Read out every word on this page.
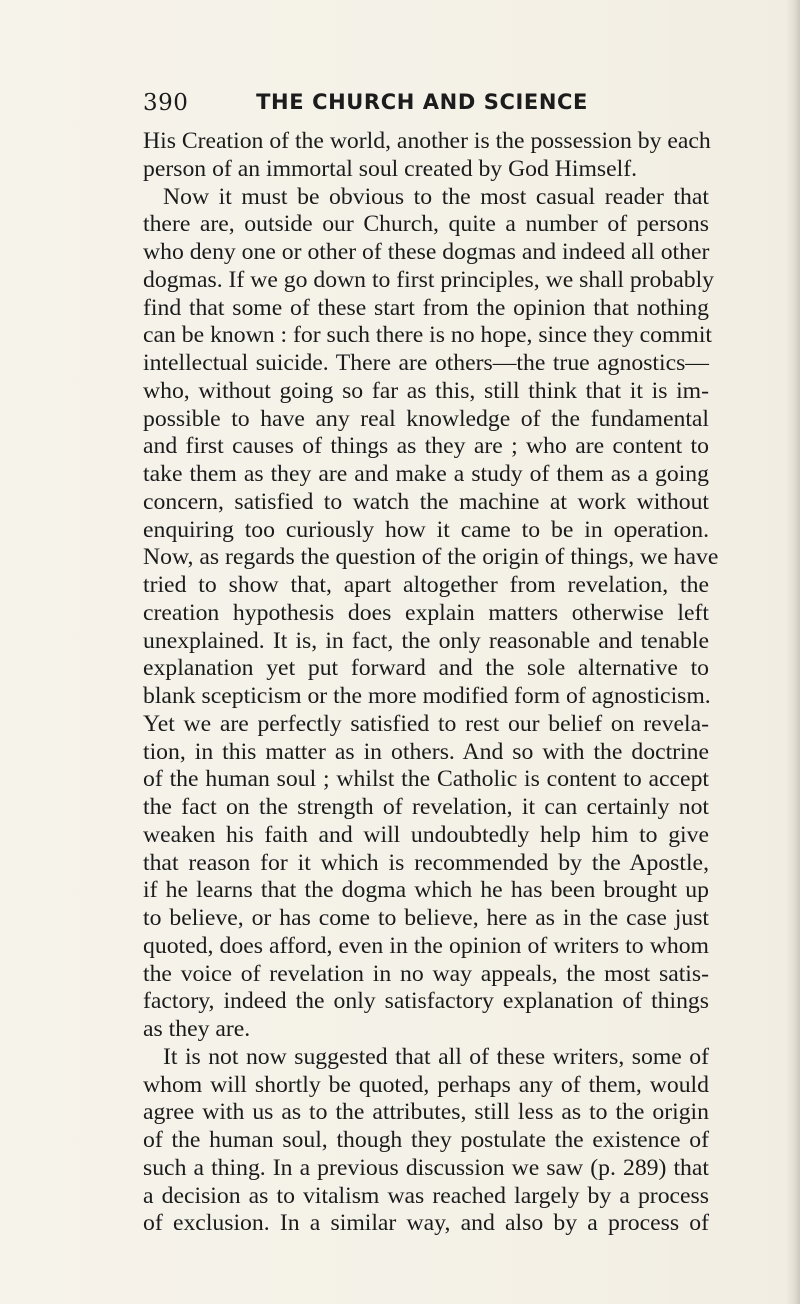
390	THE CHURCH AND SCIENCE
His Creation of the world, another is the possession by each
person of an immortal soul created by God Himself.
Now it must be obvious to the most casual reader that
there are, outside our Church, quite a number of persons
who deny one or other of these dogmas and indeed all other
dogmas. If we go down to first principles, we shall probably
find that some of these start from the opinion that nothing
can be known : for such there is no hope, since they commit
intellectual suicide. There are others—the true agnostics—
who, without going so far as this, still think that it is im-
possible to have any real knowledge of the fundamental
and first causes of things as they are ; who are content to
take them as they are and make a study of them as a going
concern, satisfied to watch the machine at work without
enquiring too curiously how it came to be in operation.
Now, as regards the question of the origin of things, we have
tried to show that, apart altogether from revelation, the
creation hypothesis does explain matters otherwise left
unexplained. It is, in fact, the only reasonable and tenable
explanation yet put forward and the sole alternative to
blank scepticism or the more modified form of agnosticism.
Yet we are perfectly satisfied to rest our belief on revela-
tion, in this matter as in others. And so with the doctrine
of the human soul ; whilst the Catholic is content to accept
the fact on the strength of revelation, it can certainly not
weaken his faith and will undoubtedly help him to give
that reason for it which is recommended by the Apostle,
if he learns that the dogma which he has been brought up
to believe, or has come to believe, here as in the case just
quoted, does afford, even in the opinion of writers to whom
the voice of revelation in no way appeals, the most satis-
factory, indeed the only satisfactory explanation of things
as they are.
It is not now suggested that all of these writers, some of
whom will shortly be quoted, perhaps any of them, would
agree with us as to the attributes, still less as to the origin
of the human soul, though they postulate the existence of
such a thing. In a previous discussion we saw (p. 289) that
a decision as to vitalism was reached largely by a process
of exclusion. In a similar way, and also by a process of
